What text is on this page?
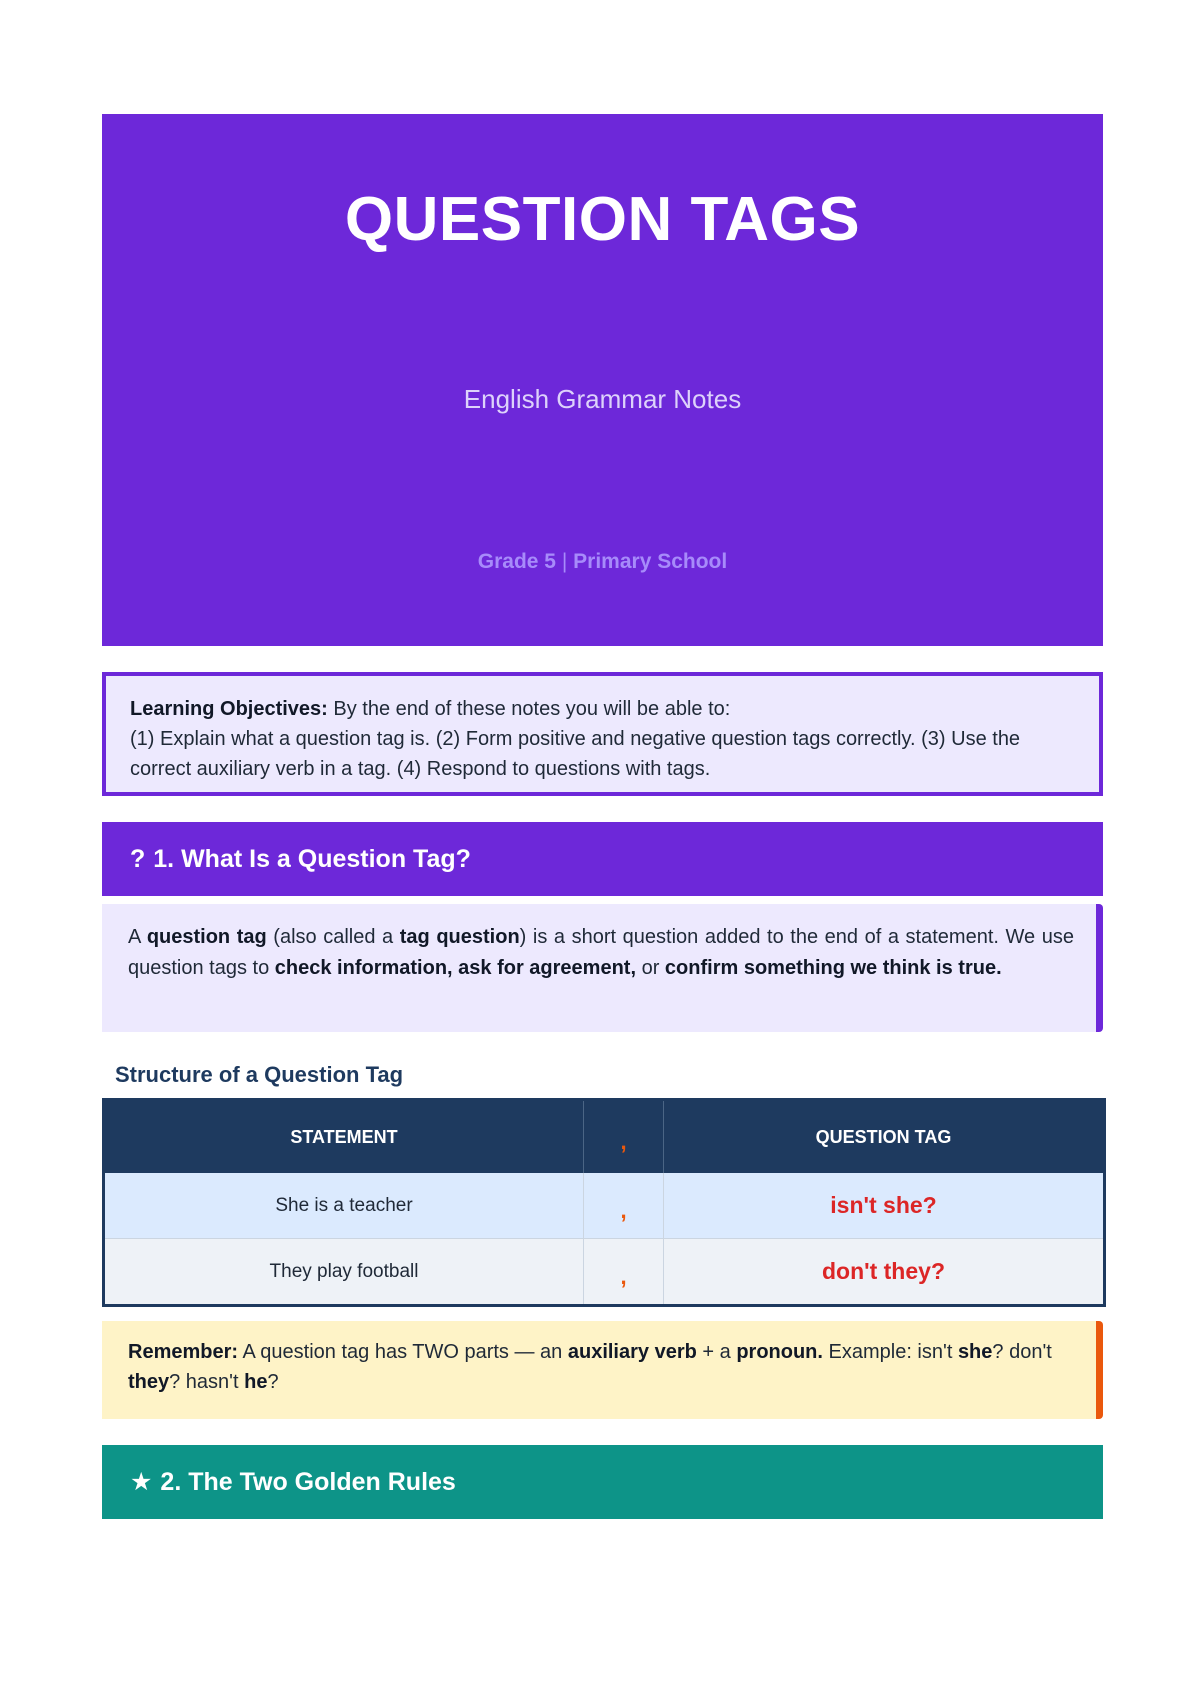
QUESTION TAGS
English Grammar Notes
Grade 5 | Primary School
Learning Objectives: By the end of these notes you will be able to:
(1) Explain what a question tag is. (2) Form positive and negative question tags correctly. (3) Use the correct auxiliary verb in a tag. (4) Respond to questions with tags.
? 1. What Is a Question Tag?
A question tag (also called a tag question) is a short question added to the end of a statement. We use question tags to check information, ask for agreement, or confirm something we think is true.
Structure of a Question Tag
STATEMENT	,	QUESTION TAG
She is a teacher	,	isn't she?
They play football	,	don't they?
Remember: A question tag has TWO parts — an auxiliary verb + a pronoun. Example: isn't she? don't they? hasn't he?
★ 2. The Two Golden Rules
